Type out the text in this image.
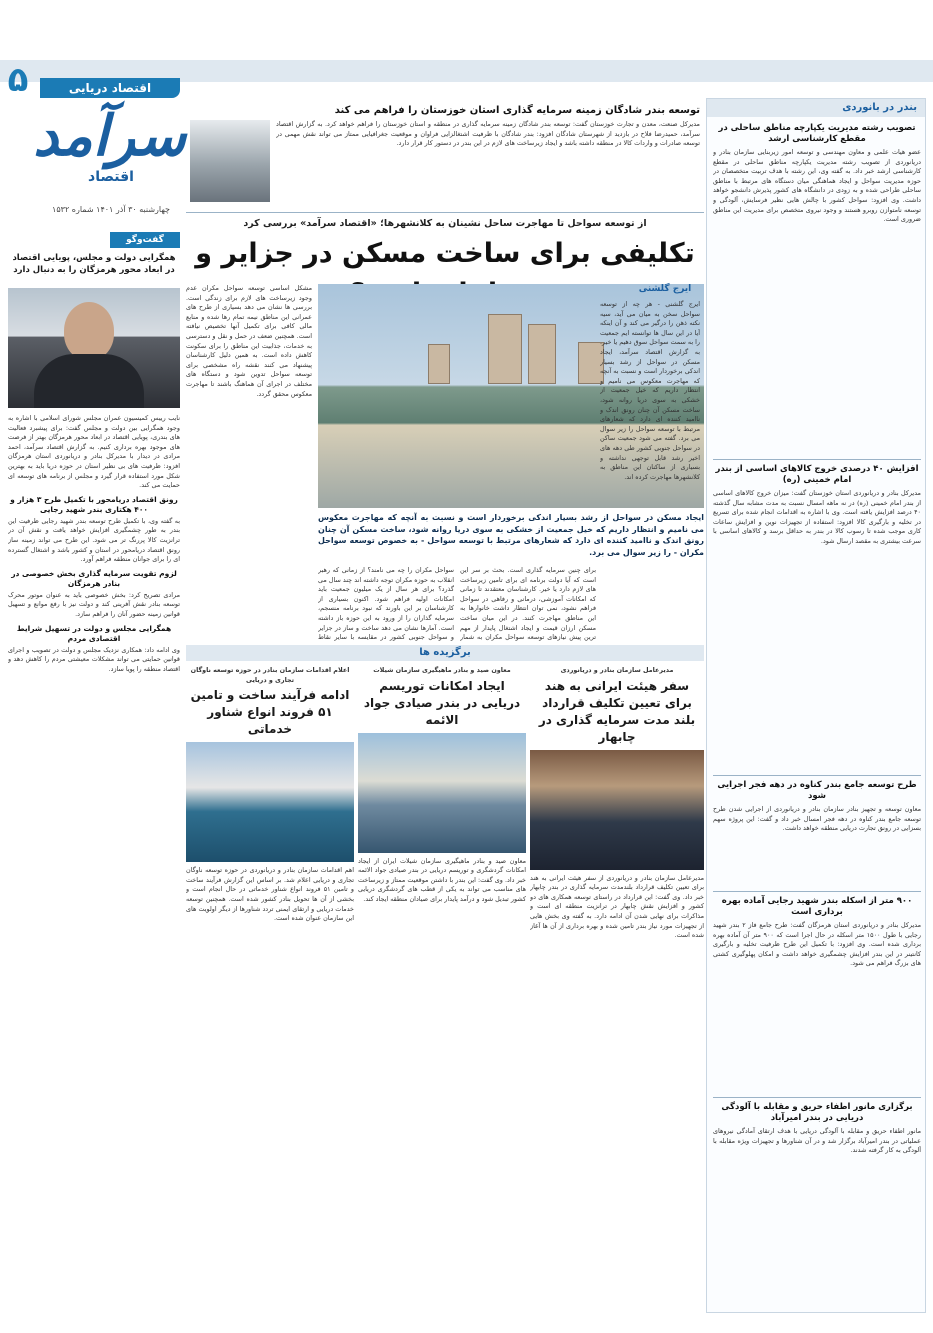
۵	اقتصاد دریایی
سرآمد
اقتصاد
چهارشنبه ۳۰ آذر ۱۴۰۱ شماره ۱۵۳۲
توسعه بندر شادگان زمینه سرمایه گذاری استان خوزستان را فراهم می کند
مدیرکل صنعت، معدن و تجارت خوزستان گفت: توسعه بندر شادگان زمینه سرمایه گذاری در منطقه و استان خوزستان را فراهم خواهد کرد. به گزارش اقتصاد سرآمد، حمیدرضا فلاح در بازدید از شهرستان شادگان افزود: بندر شادگان با ظرفیت اشتغالزایی فراوان و موقعیت جغرافیایی ممتاز می تواند نقش مهمی در توسعه صادرات و واردات کالا در منطقه داشته باشد و ایجاد زیرساخت های لازم در این بندر در دستور کار قرار دارد.
از توسعه سواحل تا مهاجرت ساحل نشینان به کلانشهرها؛ «اقتصاد سرآمد» بررسی کرد
تکلیفی برای ساخت مسکن در جزایر و
ایرج گلشنی
ایرج گلشنی - هر چه از توسعه سواحل سخن به میان می آید، سیه نکته ذهن را درگیر می کند و آن اینکه آیا در این سال ها توانسته ایم جمعیت را به سمت سواحل سوق دهیم یا خیر. به گزارش اقتصاد سرآمد، ایجاد مسکن در سواحل از رشد بسیار اندکی برخوردار است و نسبت به آنچه که مهاجرت معکوس می نامیم و انتظار داریم که خیل جمعیت از خشکی به سوی دریا روانه شود، ساخت مسکن آن چنان رونق اندک و ناامید کننده ای دارد که شعارهای مرتبط با توسعه سواحل را زیر سوال می برد. گفته می شود جمعیت ساکن در سواحل جنوبی کشور طی دهه های اخیر رشد قابل توجهی نداشته و بسیاری از ساکنان این مناطق به کلانشهرها مهاجرت کرده اند.
ایجاد مسکن در سواحل از رشد بسیار اندکی برخوردار است و نسبت به آنچه که مهاجرت معکوس می نامیم و انتظار داریم که خیل جمعیت از خشکی به سوی دریا روانه شود، ساخت مسکن آن چنان رونق اندک و ناامید کننده ای دارد که شعارهای مرتبط با توسعه سواحل - به خصوص توسعه سواحل مکران - را زیر سوال می برد.
برای چنین سرمایه گذاری است. بحث بر سر این است که آیا دولت برنامه ای برای تامین زیرساخت های لازم دارد یا خیر. کارشناسان معتقدند تا زمانی که امکانات آموزشی، درمانی و رفاهی در سواحل فراهم نشود، نمی توان انتظار داشت خانوارها به این مناطق مهاجرت کنند. در این میان ساخت مسکن ارزان قیمت و ایجاد اشتغال پایدار از مهم ترین پیش نیازهای توسعه سواحل مکران به شمار
سواحل مکران را چه می نامند؟ از زمانی که رهبر انقلاب به حوزه مکران توجه داشته اند چند سال می گذرد؟ برای هر سال از یک میلیون جمعیت باید امکانات اولیه فراهم شود. اکنون بسیاری از کارشناسان بر این باورند که نبود برنامه منسجم، سرمایه گذاران را از ورود به این حوزه باز داشته است. آمارها نشان می دهد ساخت و ساز در جزایر و سواحل جنوبی کشور در مقایسه با سایر نقاط
مشکل اساسی توسعه سواحل مکران عدم وجود زیرساخت های لازم برای زندگی است. بررسی ها نشان می دهد بسیاری از طرح های عمرانی این مناطق نیمه تمام رها شده و منابع مالی کافی برای تکمیل آنها تخصیص نیافته است. همچنین ضعف در حمل و نقل و دسترسی به خدمات، جذابیت این مناطق را برای سکونت کاهش داده است. به همین دلیل کارشناسان پیشنهاد می کنند نقشه راه مشخصی برای توسعه سواحل تدوین شود و دستگاه های مختلف در اجرای آن هماهنگ باشند تا مهاجرت معکوس محقق گردد.
برگزیده ها
مدیرعامل سازمان بنادر و دریانوردی
سفر هیئت ایرانی به هند برای تعیین تکلیف قرارداد بلند مدت سرمایه گذاری در چابهار
مدیرعامل سازمان بنادر و دریانوردی از سفر هیئت ایرانی به هند برای تعیین تکلیف قرارداد بلندمدت سرمایه گذاری در بندر چابهار خبر داد. وی گفت: این قرارداد در راستای توسعه همکاری های دو کشور و افزایش نقش چابهار در ترانزیت منطقه ای است و مذاکرات برای نهایی شدن آن ادامه دارد. به گفته وی بخش هایی از تجهیزات مورد نیاز بندر تامین شده و بهره برداری از آن ها آغاز شده است.
معاون صید و بنادر ماهیگیری سازمان شیلات
ایجاد امکانات توریسم دریایی در بندر صیادی جواد الائمه
معاون صید و بنادر ماهیگیری سازمان شیلات ایران از ایجاد امکانات گردشگری و توریسم دریایی در بندر صیادی جواد الائمه خبر داد. وی گفت: این بندر با داشتن موقعیت ممتاز و زیرساخت های مناسب می تواند به یکی از قطب های گردشگری دریایی کشور تبدیل شود و درآمد پایدار برای صیادان منطقه ایجاد کند.
اعلام اقدامات سازمان بنادر در حوزه توسعه ناوگان تجاری و دریایی
ادامه فرآیند ساخت و تامین ۵۱ فروند انواع شناور خدماتی
اهم اقدامات سازمان بنادر و دریانوردی در حوزه توسعه ناوگان تجاری و دریایی اعلام شد. بر اساس این گزارش فرآیند ساخت و تامین ۵۱ فروند انواع شناور خدماتی در حال انجام است و بخشی از آن ها تحویل بنادر کشور شده است. همچنین توسعه خدمات دریایی و ارتقای ایمنی تردد شناورها از دیگر اولویت های این سازمان عنوان شده است.
گفت‌وگو
همگرایی دولت و مجلس، پویایی اقتصاد در ابعاد محور هرمزگان را به دنبال دارد
نایب رییس کمیسیون عمران مجلس شورای اسلامی با اشاره به وجود همگرایی بین دولت و مجلس گفت: برای پیشبرد فعالیت های بندری، پویایی اقتصاد در ابعاد محور هرمزگان بهتر از فرصت های موجود بهره برداری کنیم. به گزارش اقتصاد سرآمد، احمد مرادی در دیدار با مدیرکل بنادر و دریانوردی استان هرمزگان افزود: ظرفیت های بی نظیر استان در حوزه دریا باید به بهترین شکل مورد استفاده قرار گیرد و مجلس از برنامه های توسعه ای حمایت می کند.
رونق اقتصاد دریامحور با تکمیل طرح ۳ هزار و ۴۰۰ هکتاری بندر شهید رجایی
به گفته وی، با تکمیل طرح توسعه بندر شهید رجایی ظرفیت این بندر به طور چشمگیری افزایش خواهد یافت و نقش آن در ترانزیت کالا پررنگ تر می شود. این طرح می تواند زمینه ساز رونق اقتصاد دریامحور در استان و کشور باشد و اشتغال گسترده ای را برای جوانان منطقه فراهم آورد.
لزوم تقویت سرمایه گذاری بخش خصوصی در بنادر هرمزگان
مرادی تصریح کرد: بخش خصوصی باید به عنوان موتور محرک توسعه بنادر نقش آفرینی کند و دولت نیز با رفع موانع و تسهیل قوانین زمینه حضور آنان را فراهم سازد.
همگرایی مجلس و دولت در تسهیل شرایط اقتصادی مردم
وی ادامه داد: همکاری نزدیک مجلس و دولت در تصویب و اجرای قوانین حمایتی می تواند مشکلات معیشتی مردم را کاهش دهد و اقتصاد منطقه را پویا سازد.
بندر در بانوردی
تصویب رشته مدیریت یکپارچه مناطق ساحلی در مقطع کارشناسی ارشد
عضو هیات علمی و معاون مهندسی و توسعه امور زیربنایی سازمان بنادر و دریانوردی از تصویب رشته مدیریت یکپارچه مناطق ساحلی در مقطع کارشناسی ارشد خبر داد. به گفته وی، این رشته با هدف تربیت متخصصان در حوزه مدیریت سواحل و ایجاد هماهنگی میان دستگاه های مرتبط با مناطق ساحلی طراحی شده و به زودی در دانشگاه های کشور پذیرش دانشجو خواهد داشت. وی افزود: سواحل کشور با چالش هایی نظیر فرسایش، آلودگی و توسعه نامتوازن روبرو هستند و وجود نیروی متخصص برای مدیریت این مناطق ضروری است.
افزایش ۴۰ درصدی خروج کالاهای اساسی از بندر امام خمینی (ره)
مدیرکل بنادر و دریانوردی استان خوزستان گفت: میزان خروج کالاهای اساسی از بندر امام خمینی (ره) در نه ماهه امسال نسبت به مدت مشابه سال گذشته ۴۰ درصد افزایش یافته است. وی با اشاره به اقدامات انجام شده برای تسریع در تخلیه و بارگیری کالا افزود: استفاده از تجهیزات نوین و افزایش ساعات کاری موجب شده تا رسوب کالا در بندر به حداقل برسد و کالاهای اساسی با سرعت بیشتری به مقصد ارسال شود.
طرح توسعه جامع بندر کناوه در دهه فجر اجرایی شود
معاون توسعه و تجهیز بنادر سازمان بنادر و دریانوردی از اجرایی شدن طرح توسعه جامع بندر کناوه در دهه فجر امسال خبر داد و گفت: این پروژه سهم بسزایی در رونق تجارت دریایی منطقه خواهد داشت.
۹۰۰ متر از اسکله بندر شهید رجایی آماده بهره برداری است
مدیرکل بنادر و دریانوردی استان هرمزگان گفت: طرح جامع فاز ۲ بندر شهید رجایی با طول ۱۵۰۰ متر اسکله در حال اجرا است که ۹۰۰ متر آن آماده بهره برداری شده است. وی افزود: با تکمیل این طرح ظرفیت تخلیه و بارگیری کانتینر در این بندر افزایش چشمگیری خواهد داشت و امکان پهلوگیری کشتی های بزرگ فراهم می شود.
برگزاری مانور اطفاء حریق و مقابله با آلودگی دریایی در بندر امیرآباد
مانور اطفاء حریق و مقابله با آلودگی دریایی با هدف ارتقای آمادگی نیروهای عملیاتی در بندر امیرآباد برگزار شد و در آن شناورها و تجهیزات ویژه مقابله با آلودگی به کار گرفته شدند.
